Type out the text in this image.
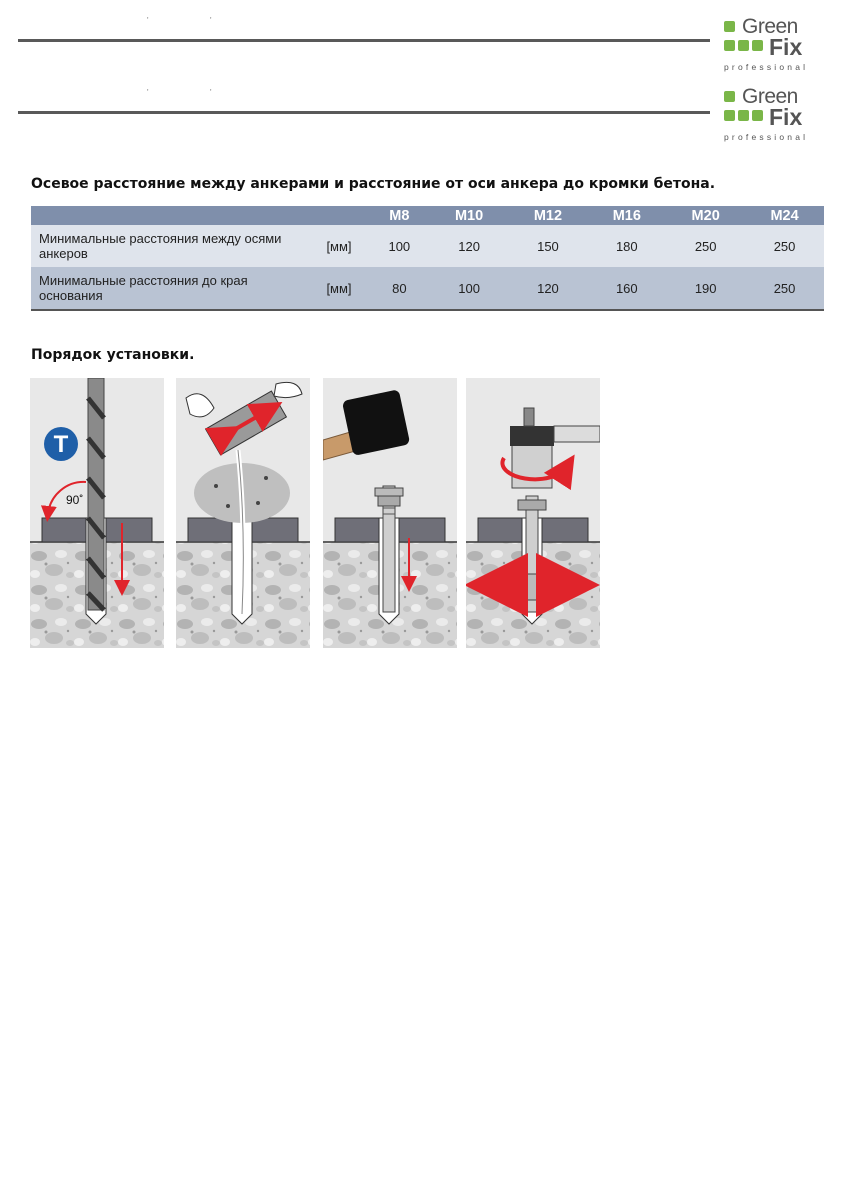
'	'
'	'
Green
Fix
professional
Green
Fix
professional
Осевое расстояние между анкерами и расстояние от оси анкера до кромки бетона.
		M8	M10	M12	M16	M20	M24
Минимальные расстояния между осями анкеров	[мм]	100	120	150	180	250	250
Минимальные расстояния до края основания	[мм]	80	100	120	160	190	250
Порядок установки.
T
90˚
